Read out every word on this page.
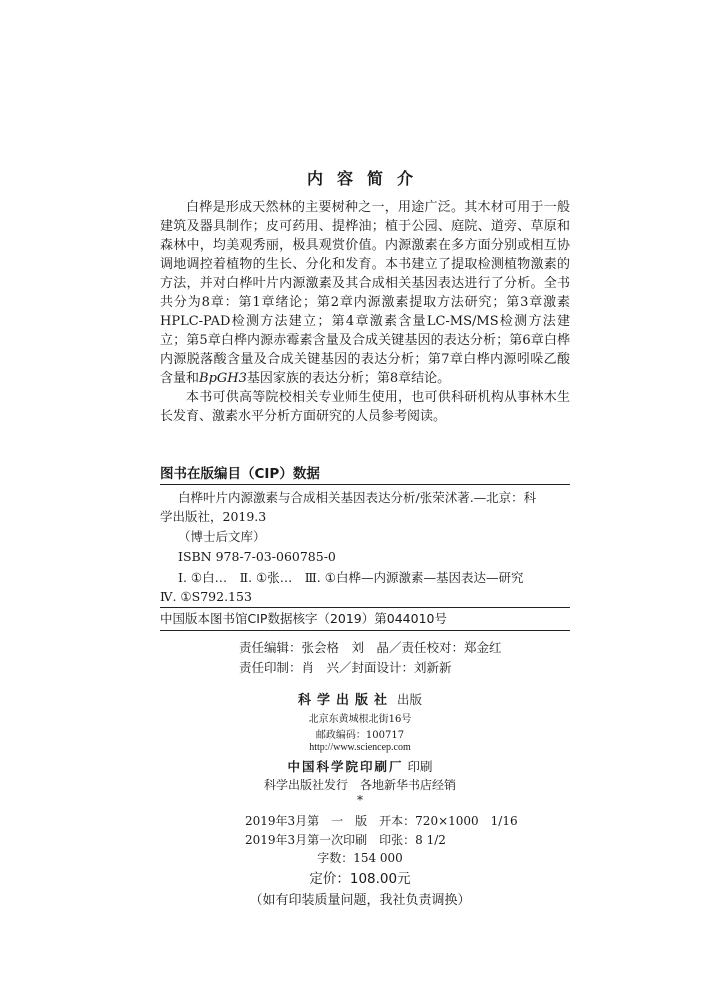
内容简介

白桦是形成天然林的主要树种之一，用途广泛。其木材可用于一般建筑及器具制作；皮可药用、提桦油；植于公园、庭院、道旁、草原和森林中，均美观秀丽，极具观赏价值。内源激素在多方面分别或相互协调地调控着植物的生长、分化和发育。本书建立了提取检测植物激素的方法，并对白桦叶片内源激素及其合成相关基因表达进行了分析。全书共分为8章：第1章绪论；第2章内源激素提取方法研究；第3章激素HPLC-PAD检测方法建立；第4章激素含量LC-MS/MS检测方法建立；第5章白桦内源赤霉素含量及合成关键基因的表达分析；第6章白桦内源脱落酸含量及合成关键基因的表达分析；第7章白桦内源吲哚乙酸含量和BpGH3基因家族的表达分析；第8章结论。

本书可供高等院校相关专业师生使用，也可供科研机构从事林木生长发育、激素水平分析方面研究的人员参考阅读。

图书在版编目（CIP）数据
白桦叶片内源激素与合成相关基因表达分析/张荣沭著.—北京：科
学出版社，2019.3
（博士后文库）
ISBN 978-7-03-060785-0
Ⅰ. ①白…　Ⅱ. ①张…　Ⅲ. ①白桦—内源激素—基因表达—研究
Ⅳ. ①S792.153
中国版本图书馆CIP数据核字（2019）第044010号
责任编辑：张会格　刘　晶／责任校对：郑金红
责任印制：肖　兴／封面设计：刘新新
科学出版社 出版
北京东黄城根北街16号
邮政编码：100717
http://www.sciencep.com
中国科学院印刷厂 印刷
科学出版社发行　各地新华书店经销
*
2019年3月第　一　版　开本：720×1000　1/16
2019年3月第一次印刷　印张：8 1/2
字数：154 000
定价：108.00元
（如有印装质量问题，我社负责调换）
